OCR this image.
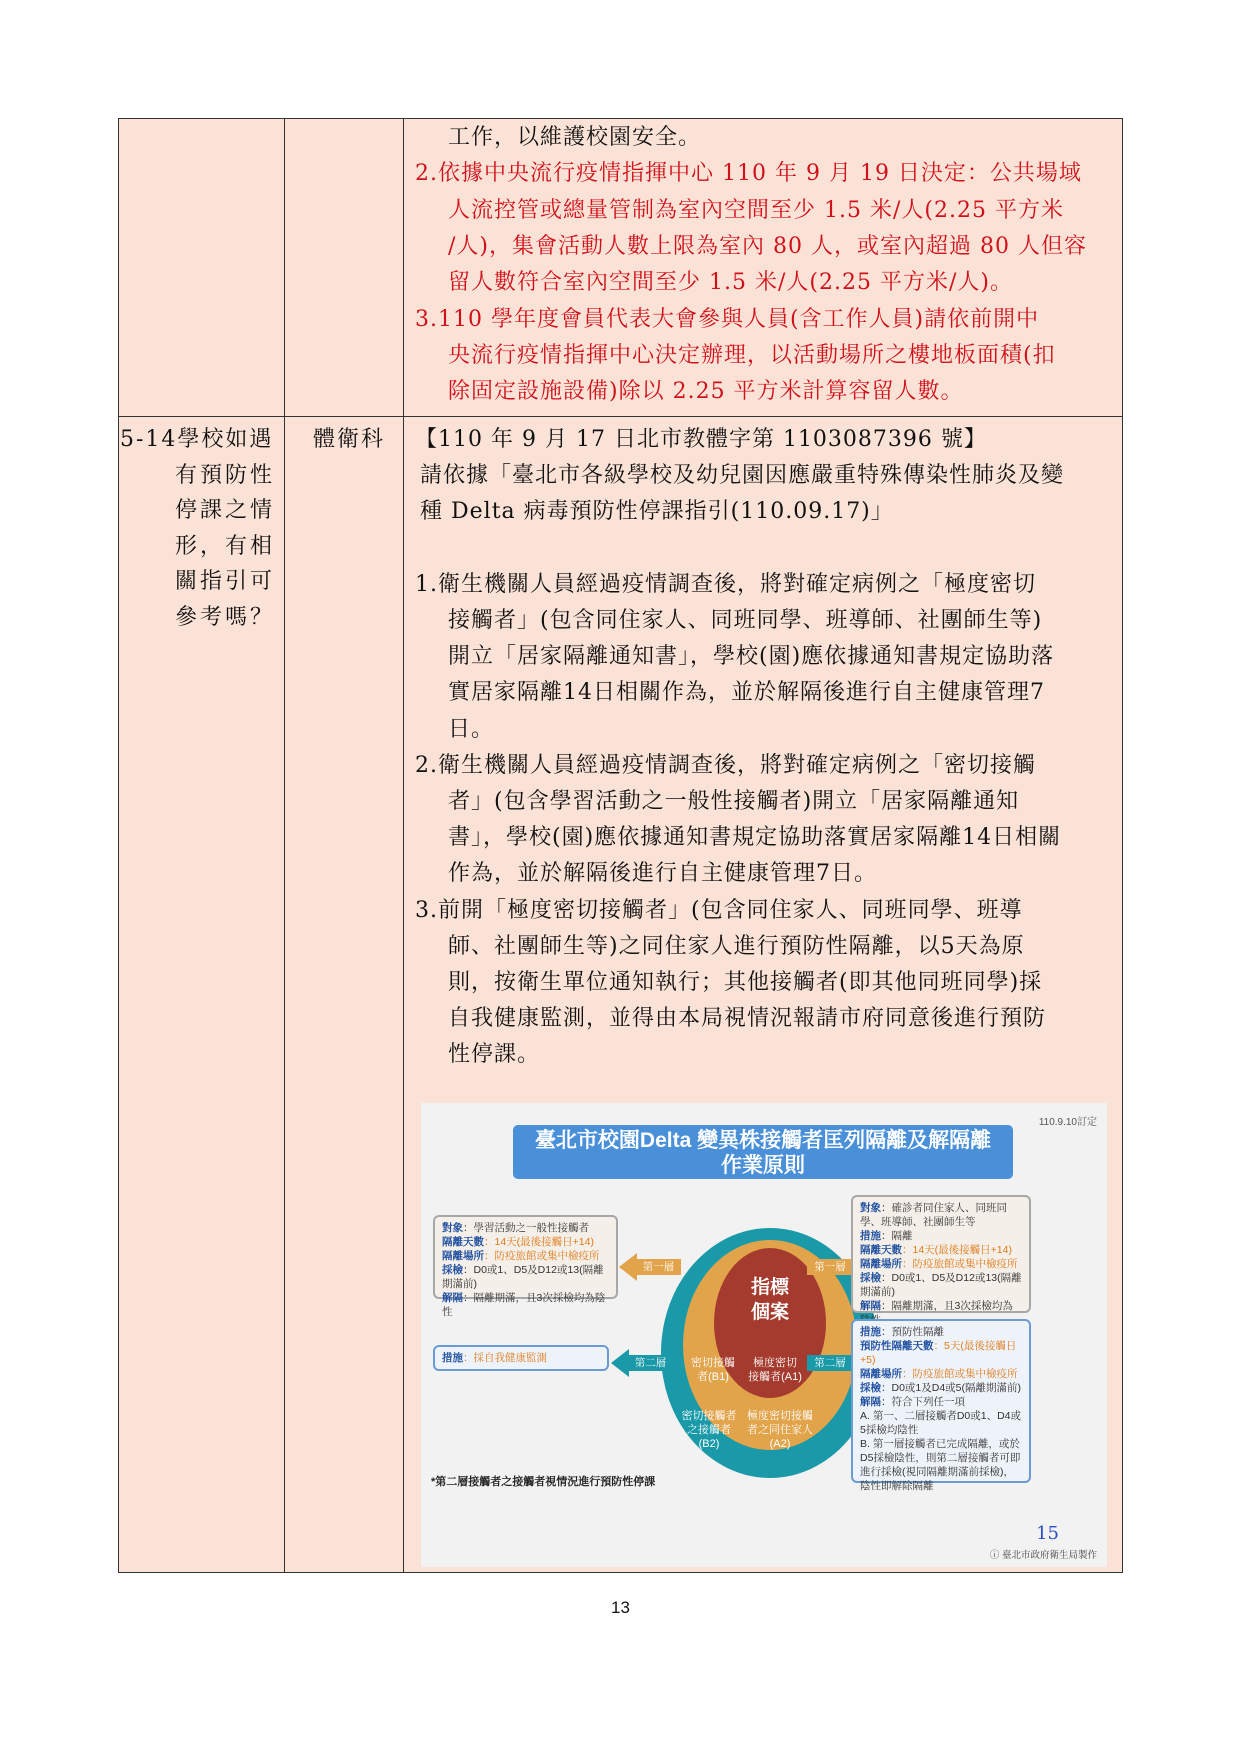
工作，以維護校園安全。
2.依據中央流行疫情指揮中心 110 年 9 月 19 日決定：公共場域
人流控管或總量管制為室內空間至少 1.5 米/人(2.25 平方米
/人)，集會活動人數上限為室內 80 人，或室內超過 80 人但容
留人數符合室內空間至少 1.5 米/人(2.25 平方米/人)。
3.110 學年度會員代表大會參與人員(含工作人員)請依前開中
央流行疫情指揮中心決定辦理，以活動場所之樓地板面積(扣
除固定設施設備)除以 2.25 平方米計算容留人數。
5-14學校如遇
有預防性
停課之情
形，有相
關指引可
參考嗎？
體衛科 【110 年 9 月 17 日北市教體字第 1103087396 號】
請依據「臺北市各級學校及幼兒園因應嚴重特殊傳染性肺炎及變
種 Delta 病毒預防性停課指引(110.09.17)」
1.衛生機關人員經過疫情調查後，將對確定病例之「極度密切
接觸者」(包含同住家人、同班同學、班導師、社團師生等)
開立「居家隔離通知書」，學校(園)應依據通知書規定協助落
實居家隔離14日相關作為，並於解隔後進行自主健康管理7
日。
2.衛生機關人員經過疫情調查後，將對確定病例之「密切接觸
者」(包含學習活動之一般性接觸者)開立「居家隔離通知
書」，學校(園)應依據通知書規定協助落實居家隔離14日相關
作為，並於解隔後進行自主健康管理7日。
3.前開「極度密切接觸者」(包含同住家人、同班同學、班導
師、社團師生等)之同住家人進行預防性隔離，以5天為原
則，按衛生單位通知執行；其他接觸者(即其他同班同學)採
自我健康監測，並得由本局視情況報請市府同意後進行預防
性停課。
110.9.10訂定
臺北市校園Delta 變異株接觸者匡列隔離及解隔離
作業原則
對象：學習活動之一般性接觸者
隔離天數：14天(最後接觸日+14)
隔離場所：防疫旅館或集中檢疫所
採檢：D0或1、D5及D12或13(隔離期滿前)
解隔：隔離期滿，且3次採檢均為陰性
措施：採自我健康監測
指標
個案
密切接觸
者(B1)
極度密切
接觸者(A1)
密切接觸者
之接觸者
(B2)
極度密切接觸
者之同住家人
(A2)
第一層	第一層
第二層	第二層
對象：確診者同住家人、同班同學、班導師、社團師生等
措施：隔離
隔離天數：14天(最後接觸日+14)
隔離場所：防疫旅館或集中檢疫所
採檢：D0或1、D5及D12或13(隔離期滿前)
解隔：隔離期滿，且3次採檢均為
措施：預防性隔離
預防性隔離天數：5天(最後接觸日+5)
隔離場所：防疫旅館或集中檢疫所
採檢：D0或1及D4或5(隔離期滿前)
解隔：符合下列任一項
A. 第一、二層接觸者D0或1、D4或5採檢均陰性
B. 第一層接觸者已完成隔離，或於D5採檢陰性，則第二層接觸者可即進行採檢(視同隔離期滿前採檢)，陰性即解除隔離
*第二層接觸者之接觸者視情況進行預防性停課
15
ⓘ 臺北市政府衛生局製作
13
